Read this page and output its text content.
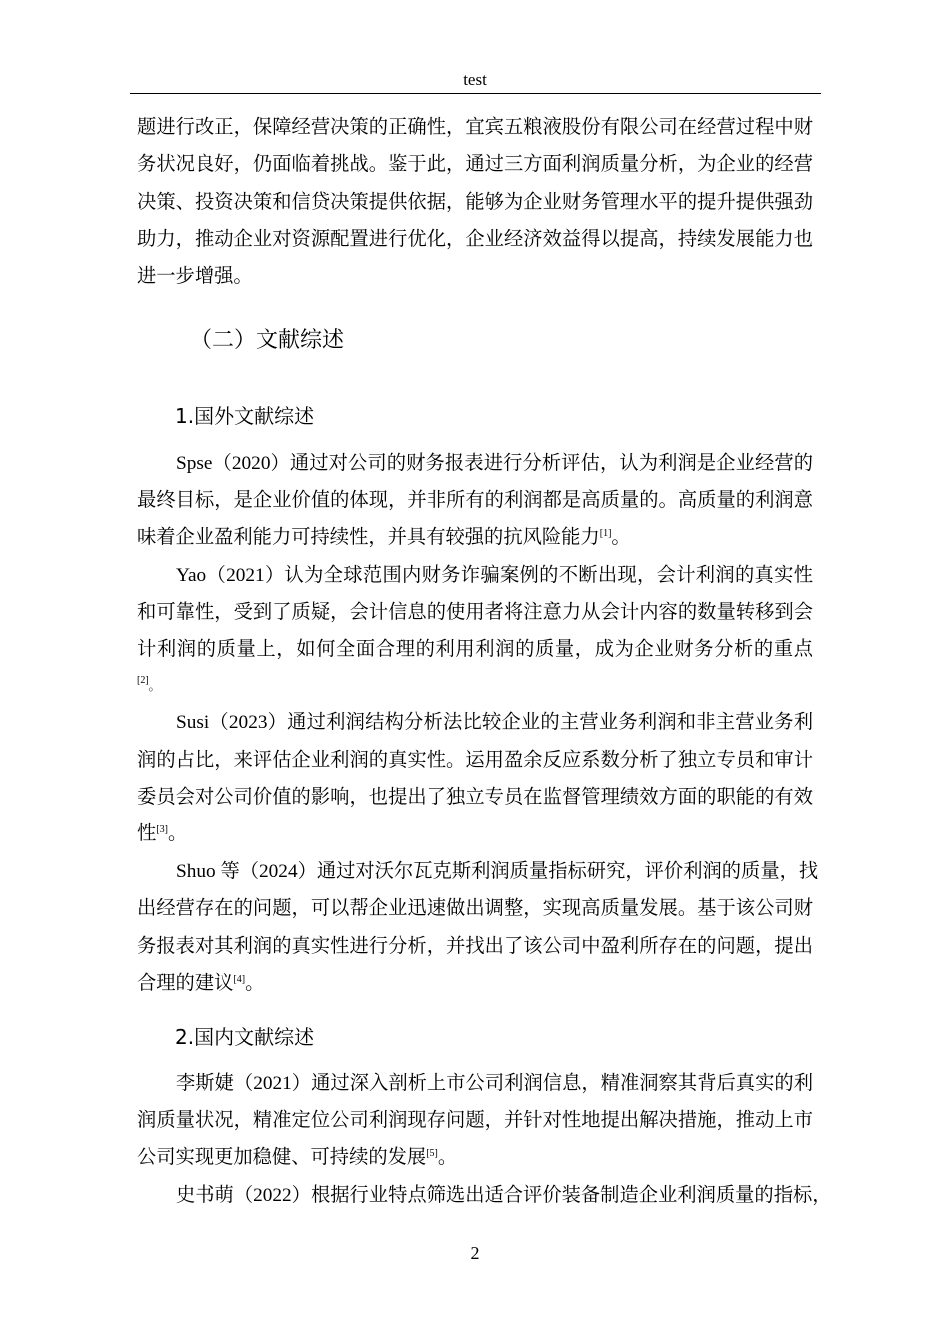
test
题进行改正，保障经营决策的正确性，宜宾五粮液股份有限公司在经营过程中财
务状况良好，仍面临着挑战。鉴于此，通过三方面利润质量分析，为企业的经营
决策、投资决策和信贷决策提供依据，能够为企业财务管理水平的提升提供强劲
助力，推动企业对资源配置进行优化，企业经济效益得以提高，持续发展能力也
进一步增强。
（二）文献综述
1.国外文献综述
Spse（2020）通过对公司的财务报表进行分析评估，认为利润是企业经营的
最终目标，是企业价值的体现，并非所有的利润都是高质量的。高质量的利润意
味着企业盈利能力可持续性，并具有较强的抗风险能力[1]。
Yao（2021）认为全球范围内财务诈骗案例的不断出现，会计利润的真实性
和可靠性，受到了质疑，会计信息的使用者将注意力从会计内容的数量转移到会
计利润的质量上，如何全面合理的利用利润的质量，成为企业财务分析的重点
[2]。
Susi（2023）通过利润结构分析法比较企业的主营业务利润和非主营业务利
润的占比，来评估企业利润的真实性。运用盈余反应系数分析了独立专员和审计
委员会对公司价值的影响，也提出了独立专员在监督管理绩效方面的职能的有效
性[3]。
Shuo 等（2024）通过对沃尔瓦克斯利润质量指标研究，评价利润的质量，找
出经营存在的问题，可以帮企业迅速做出调整，实现高质量发展。基于该公司财
务报表对其利润的真实性进行分析，并找出了该公司中盈利所存在的问题，提出
合理的建议[4]。
2.国内文献综述
李斯婕（2021）通过深入剖析上市公司利润信息，精准洞察其背后真实的利
润质量状况，精准定位公司利润现存问题，并针对性地提出解决措施，推动上市
公司实现更加稳健、可持续的发展[5]。
史书萌（2022）根据行业特点筛选出适合评价装备制造企业利润质量的指标，
2
